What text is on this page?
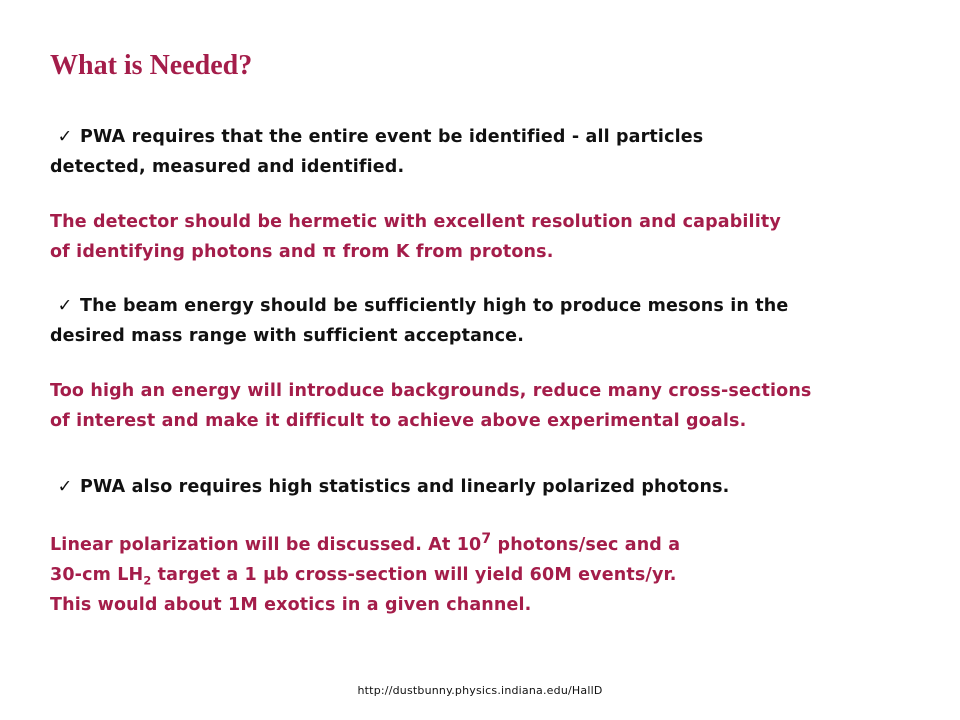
What is Needed?
✓ PWA requires that the entire event be identified - all particles
detected, measured and identified.
The detector should be hermetic with excellent resolution and capability
of identifying photons and π from K from protons.
✓ The beam energy should be sufficiently high to produce mesons in the
desired mass range with sufficient acceptance.
Too high an energy will introduce backgrounds, reduce many cross-sections
of interest and make it difficult to achieve above experimental goals.
✓ PWA also requires high statistics and linearly polarized photons.
Linear polarization will be discussed. At $10^7$ photons/sec and a
30-cm $LH_2$ target a 1 μb cross-section will yield 60M events/yr.
This would about 1M exotics in a given channel.
http://dustbunny.physics.indiana.edu/HallD
